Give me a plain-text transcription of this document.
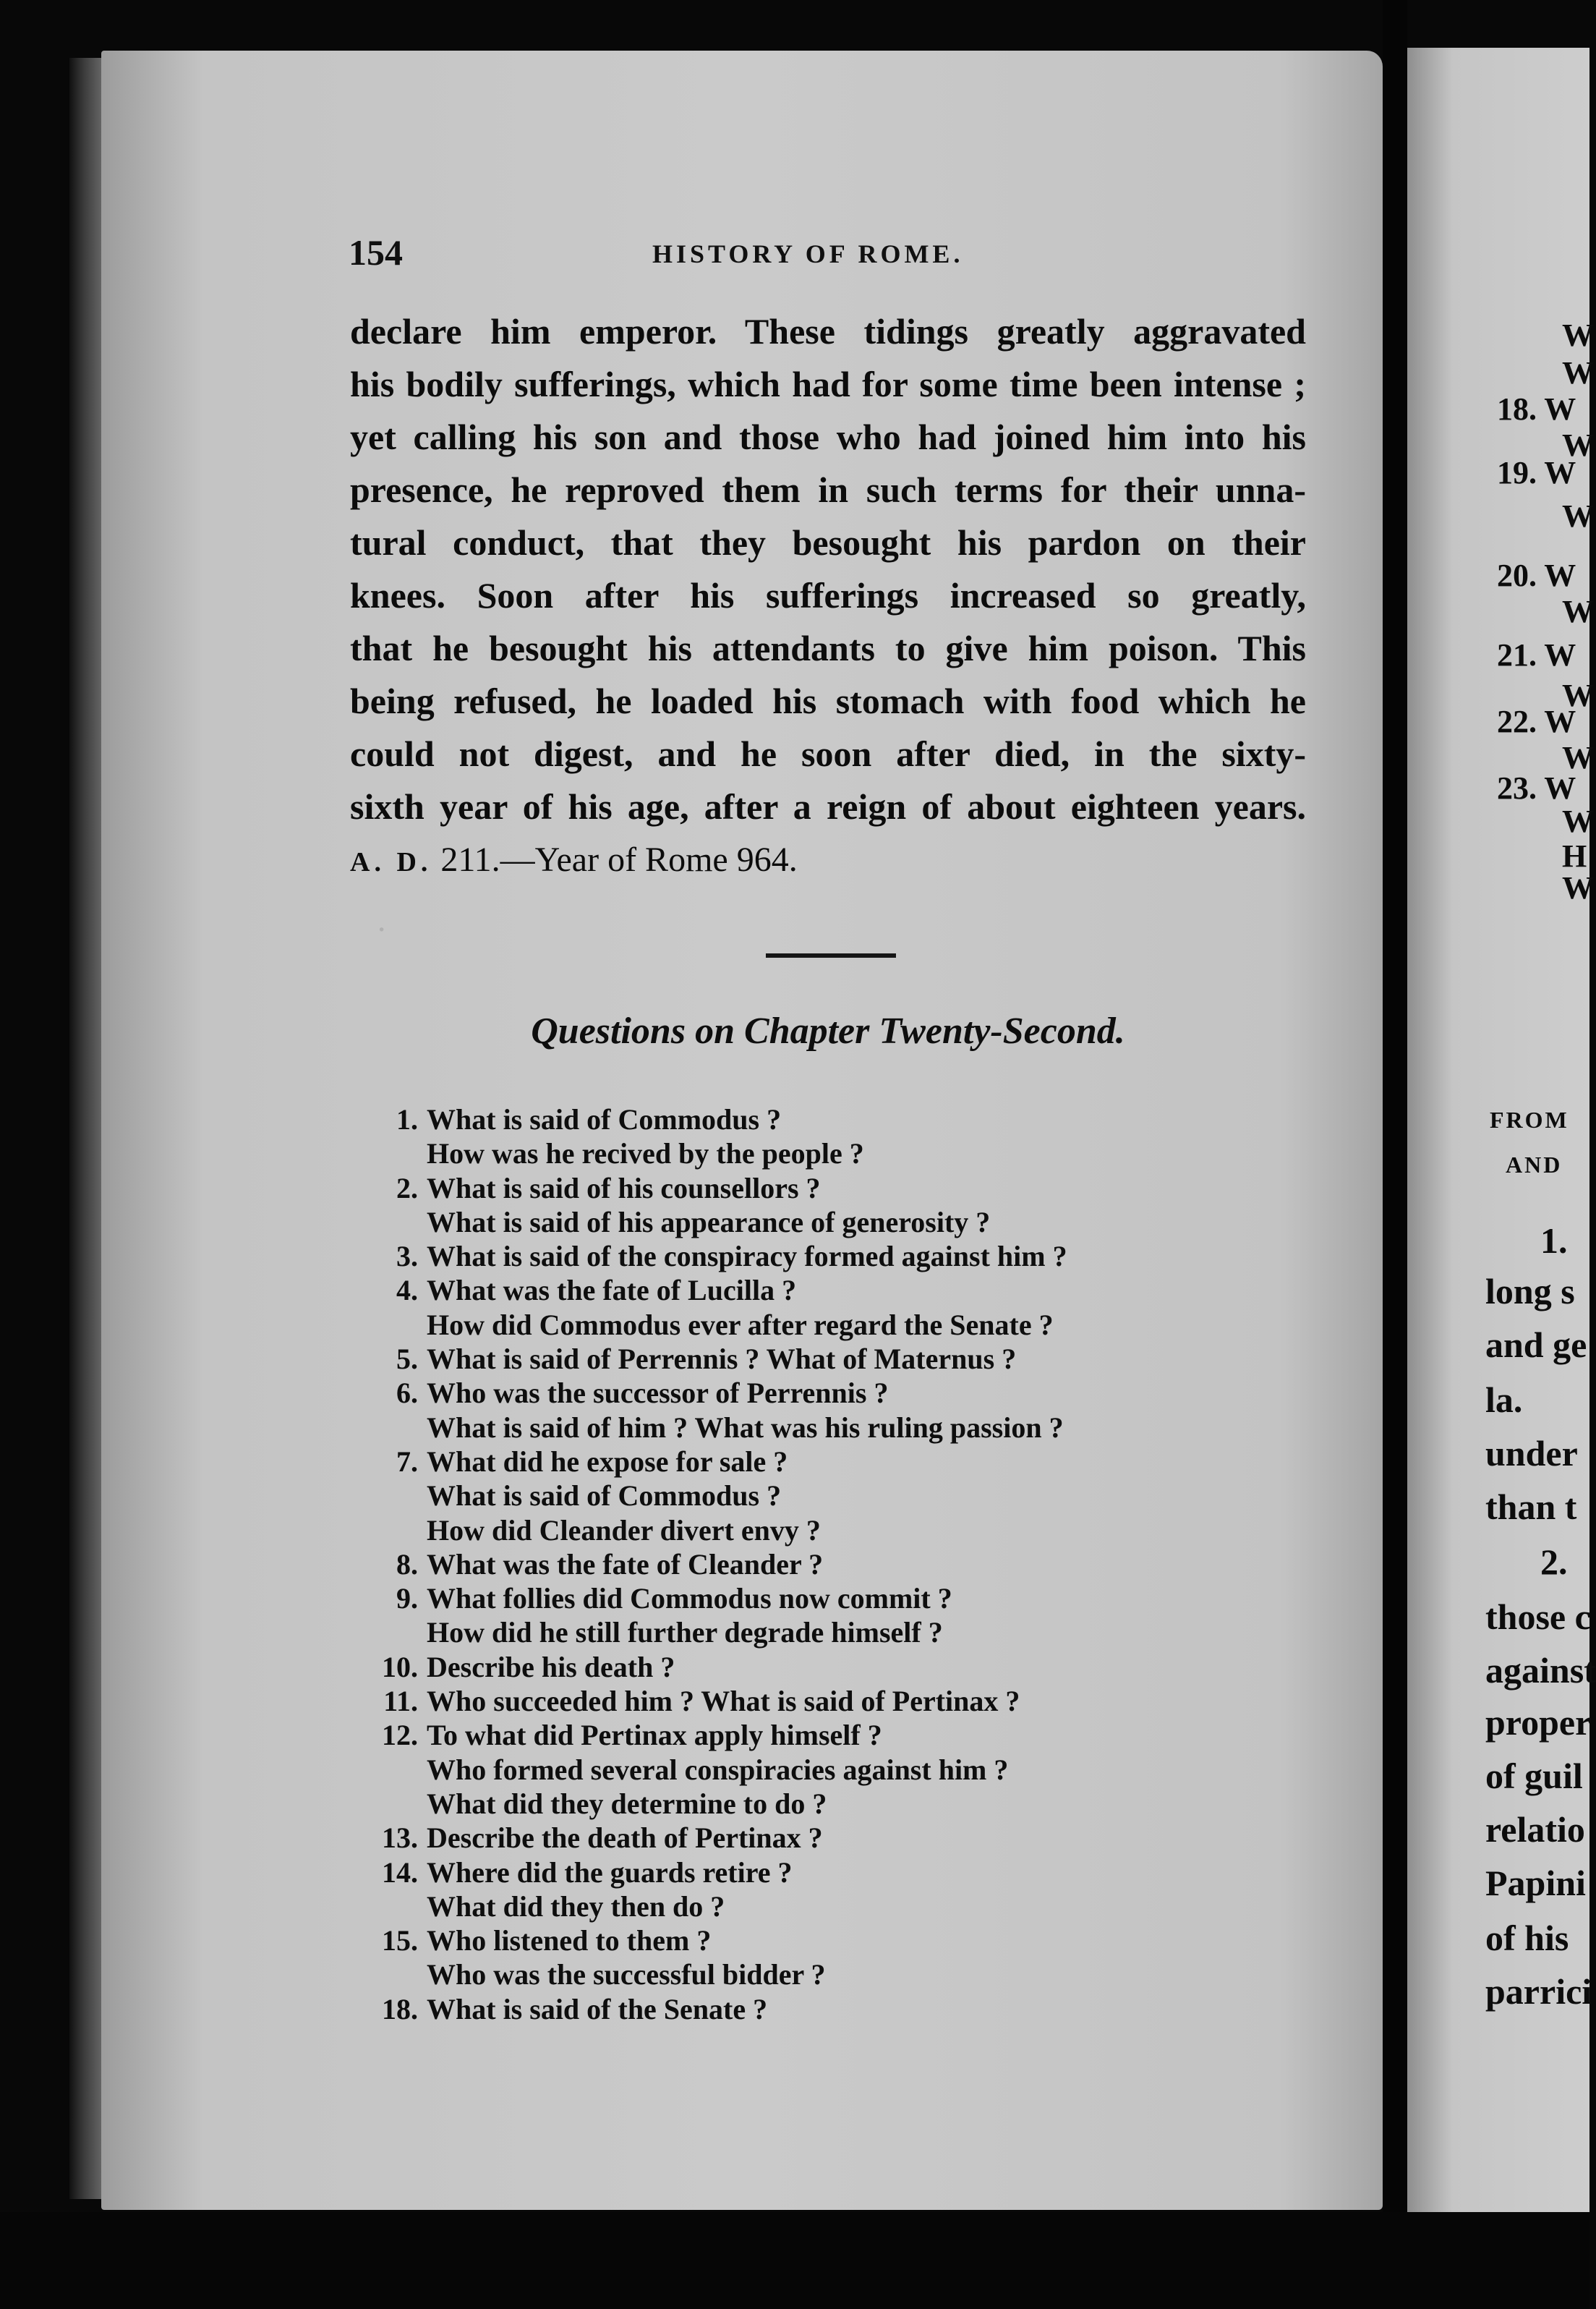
·
154	HISTORY OF ROME.
declare him emperor. These tidings greatly aggravated
his bodily sufferings, which had for some time been intense ;
yet calling his son and those who had joined him into his
presence, he reproved them in such terms for their unna-
tural conduct, that they besought his pardon on their
knees. Soon after his sufferings increased so greatly,
that he besought his attendants to give him poison. This
being refused, he loaded his stomach with food which he
could not digest, and he soon after died, in the sixty-
sixth year of his age, after a reign of about eighteen years.
A. D. 211.—Year of Rome 964.
Questions on Chapter Twenty-Second.
1. What is said of Commodus ?
How was he recived by the people ?
2. What is said of his counsellors ?
What is said of his appearance of generosity ?
3. What is said of the conspiracy formed against him ?
4. What was the fate of Lucilla ?
How did Commodus ever after regard the Senate ?
5. What is said of Perrennis ? What of Maternus ?
6. Who was the successor of Perrennis ?
What is said of him ? What was his ruling passion ?
7. What did he expose for sale ?
What is said of Commodus ?
How did Cleander divert envy ?
8. What was the fate of Cleander ?
9. What follies did Commodus now commit ?
How did he still further degrade himself ?
10. Describe his death ?
11. Who succeeded him ? What is said of Pertinax ?
12. To what did Pertinax apply himself ?
Who formed several conspiracies against him ?
What did they determine to do ?
13. Describe the death of Pertinax ?
14. Where did the guards retire ?
What did they then do ?
15. Who listened to them ?
Who was the successful bidder ?
18. What is said of the Senate ?
W
W
18. W
W
19. W
W
20. W
W
21. W
W
22. W
W
23. W
W
H
W
FROM
AND
1.
long s
and ge
la.
under
than t
2.
those c
against
proper
of guil
relatio
Papini
of his
parrici
